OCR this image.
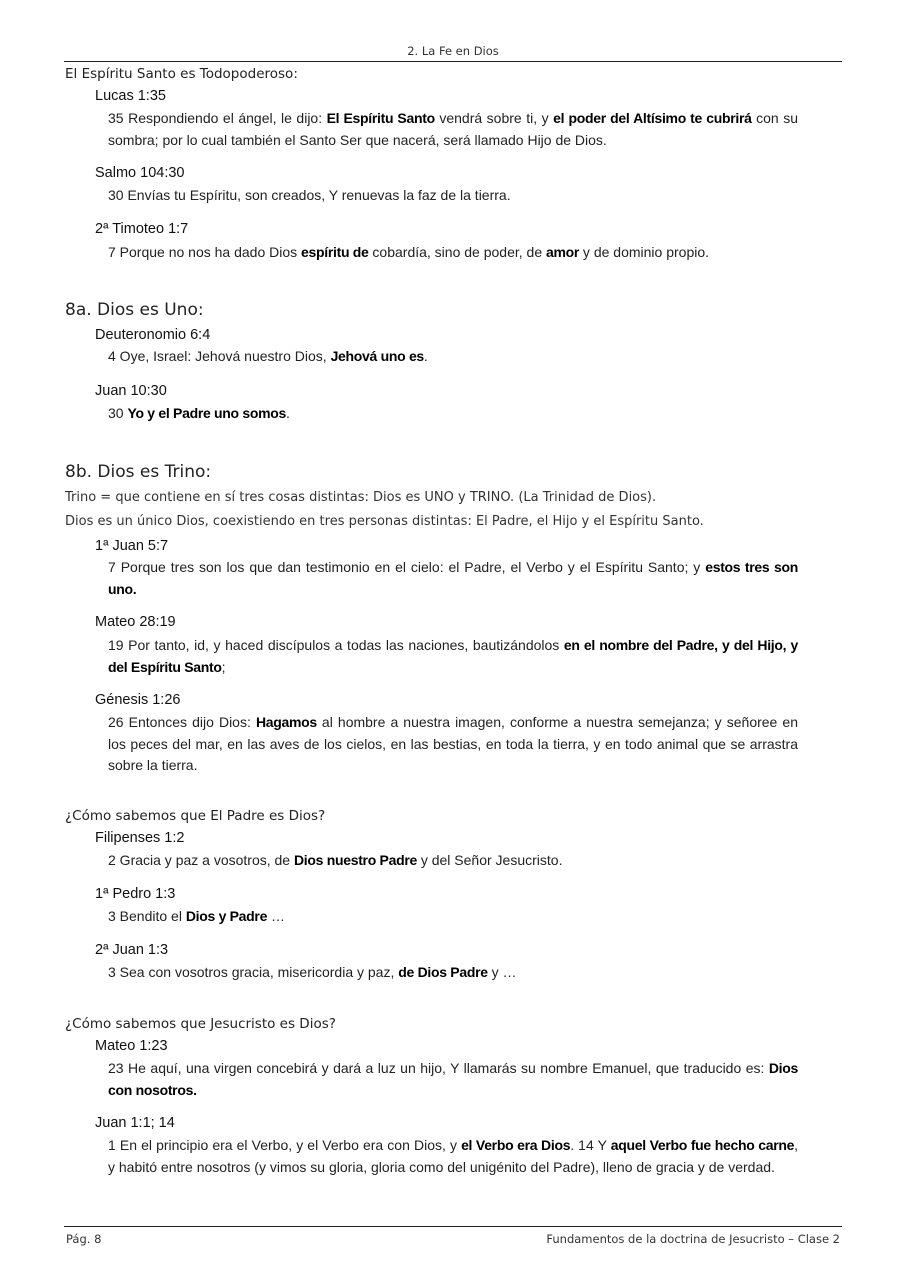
2. La Fe en Dios
El Espíritu Santo es Todopoderoso:
Lucas 1:35
35 Respondiendo el ángel, le dijo: El Espíritu Santo vendrá sobre ti, y el poder del Altísimo te cubrirá con su sombra; por lo cual también el Santo Ser que nacerá, será llamado Hijo de Dios.
Salmo 104:30
30 Envías tu Espíritu, son creados, Y renuevas la faz de la tierra.
2ª Timoteo 1:7
7 Porque no nos ha dado Dios espíritu de cobardía, sino de poder, de amor y de dominio propio.
8a. Dios es Uno:
Deuteronomio 6:4
4 Oye, Israel: Jehová nuestro Dios, Jehová uno es.
Juan 10:30
30 Yo y el Padre uno somos.
8b. Dios es Trino:
Trino = que contiene en sí tres cosas distintas: Dios es UNO y TRINO. (La Trinidad de Dios).
Dios es un único Dios, coexistiendo en tres personas distintas: El Padre, el Hijo y el Espíritu Santo.
1ª Juan 5:7
7 Porque tres son los que dan testimonio en el cielo: el Padre, el Verbo y el Espíritu Santo; y estos tres son uno.
Mateo 28:19
19 Por tanto, id, y haced discípulos a todas las naciones, bautizándolos en el nombre del Padre, y del Hijo, y del Espíritu Santo;
Génesis 1:26
26 Entonces dijo Dios: Hagamos al hombre a nuestra imagen, conforme a nuestra semejanza; y señoree en los peces del mar, en las aves de los cielos, en las bestias, en toda la tierra, y en todo animal que se arrastra sobre la tierra.
¿Cómo sabemos que El Padre es Dios?
Filipenses 1:2
2 Gracia y paz a vosotros, de Dios nuestro Padre y del Señor Jesucristo.
1ª Pedro 1:3
3 Bendito el Dios y Padre …
2ª Juan 1:3
3 Sea con vosotros gracia, misericordia y paz, de Dios Padre y …
¿Cómo sabemos que Jesucristo es Dios?
Mateo 1:23
23 He aquí, una virgen concebirá y dará a luz un hijo, Y llamarás su nombre Emanuel, que traducido es: Dios con nosotros.
Juan 1:1; 14
1 En el principio era el Verbo, y el Verbo era con Dios, y el Verbo era Dios. 14 Y aquel Verbo fue hecho carne, y habitó entre nosotros (y vimos su gloria, gloria como del unigénito del Padre), lleno de gracia y de verdad.
Pág. 8	Fundamentos de la doctrina de Jesucristo – Clase 2
